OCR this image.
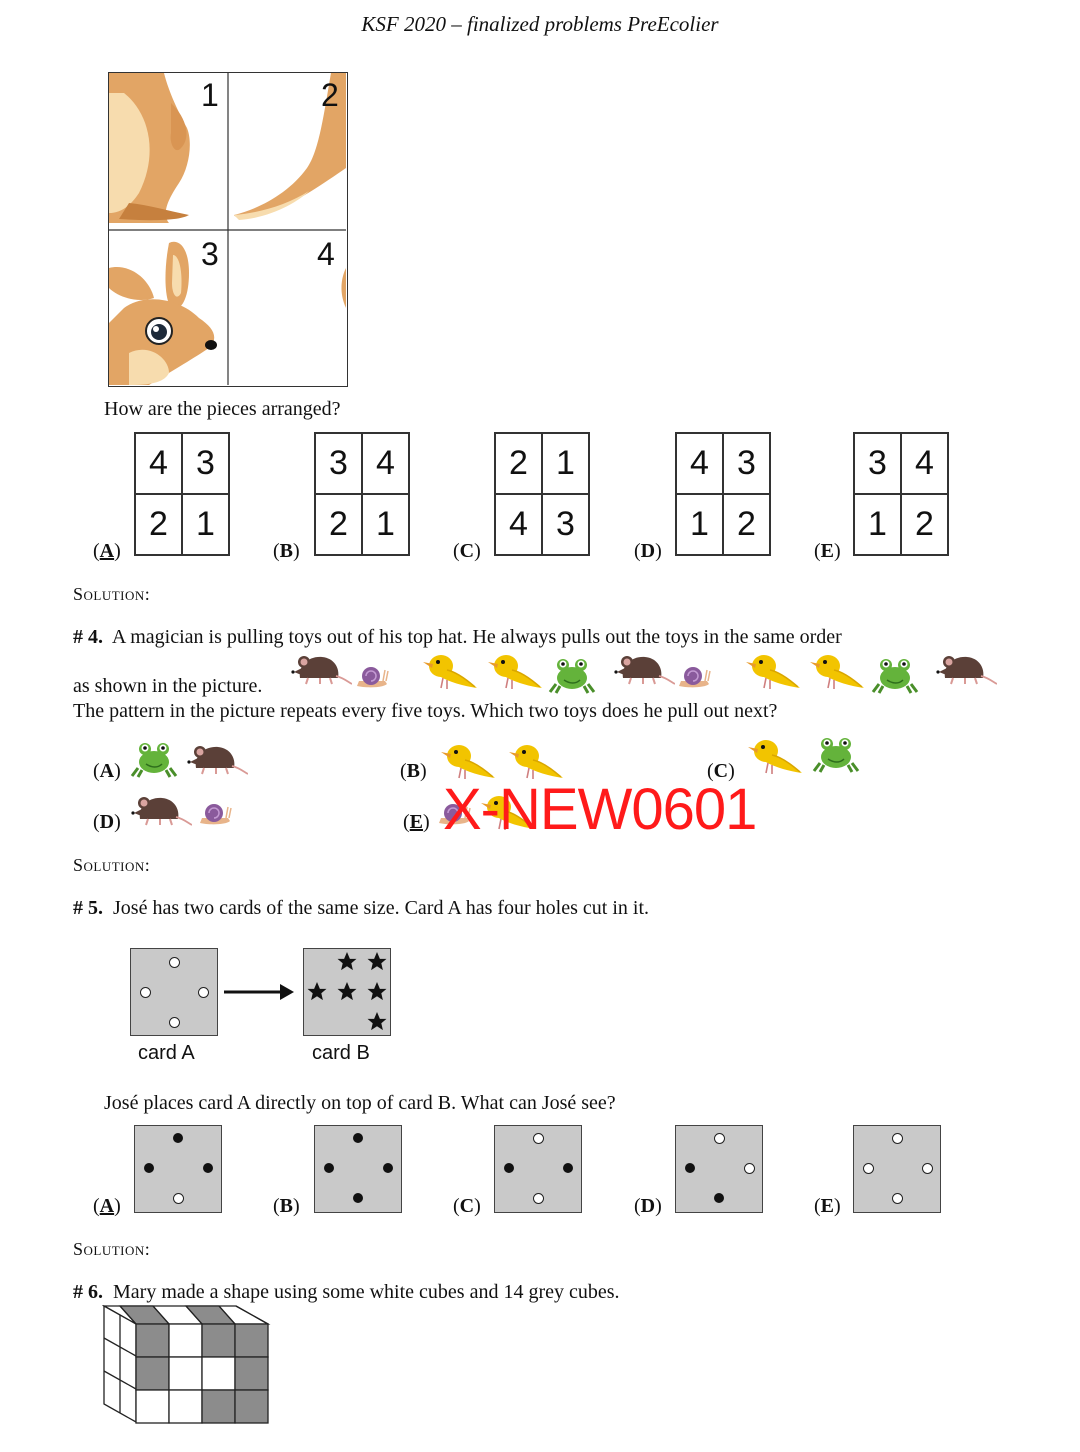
KSF 2020 – finalized problems PreEcolier
1	2
3	4
How are the pieces arranged?
(A)
4 3
2 1
(B)
3 4
2 1
(C)
2 1
4 3
(D)
4 3
1 2
(E)
3 4
1 2
Solution:
# 4. A magician is pulling toys out of his top hat. He always pulls out the toys in the same order
as shown in the picture.
The pattern in the picture repeats every five toys. Which two toys does he pull out next?
(A)	(B)	(C)
(D)	(E) X-NEW0601
Solution:
# 5. José has two cards of the same size. Card A has four holes cut in it.
card A	card B
José places card A directly on top of card B. What can José see?
(A)	(B)	(C)	(D)	(E)
Solution:
# 6. Mary made a shape using some white cubes and 14 grey cubes.
